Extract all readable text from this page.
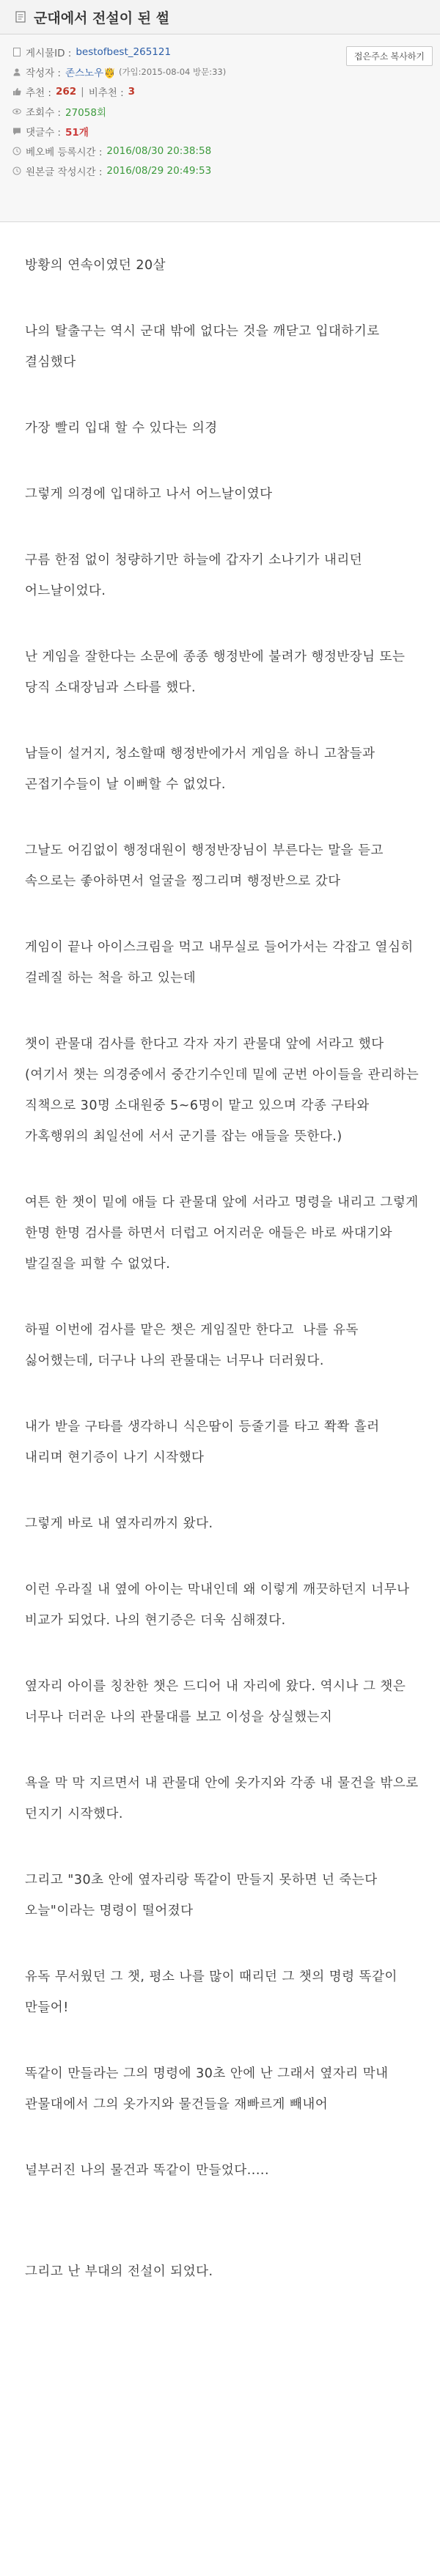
군대에서 전설이 된 썰
접은주소 복사하기
게시물ID :	bestofbest_265121
작성자 :	존스노우🤴 (가입:2015-08-04 방문:33)
추천 :	262 | 비추천 :	3
조회수 :	27058회
댓글수 :	51개
베오베 등록시간 :	2016/08/30 20:38:58
원본글 작성시간 :	2016/08/29 20:49:53

방황의 연속이였던 20살

나의 탈출구는 역시 군대 밖에 없다는 것을 깨닫고 입대하기로 결심했다

가장 빨리 입대 할 수 있다는 의경

그렇게 의경에 입대하고 나서 어느날이였다

구름 한점 없이 청량하기만 하늘에 갑자기 소나기가 내리던 어느날이었다.

난 게임을 잘한다는 소문에 종종 행정반에 불려가 행정반장님 또는 당직 소대장님과 스타를 했다.

남들이 설거지, 청소할때 행정반에가서 게임을 하니 고참들과 곤접기수들이 날 이뻐할 수 없었다.

그날도 어김없이 행정대원이 행정반장님이 부른다는 말을 듣고 속으로는 좋아하면서 얼굴을 찡그리며 행정반으로 갔다

게임이 끝나 아이스크림을 먹고 내무실로 들어가서는 각잡고 열심히 걸레질 하는 척을 하고 있는데

챗이 관물대 검사를 한다고 각자 자기 관물대 앞에 서라고 했다 (여기서 챗는 의경중에서 중간기수인데 밑에 군번 아이들을 관리하는 직책으로 30명 소대원중 5~6명이 맡고 있으며 각종 구타와 가혹행위의 최일선에 서서 군기를 잡는 애들을 뜻한다.)

여튼 한 챗이 밑에 애들 다 관물대 앞에 서라고 명령을 내리고 그렇게 한명 한명 검사를 하면서 더럽고 어지러운 애들은 바로 싸대기와 발길질을 피할 수 없었다.

하필 이번에 검사를 맡은 챗은 게임질만 한다고  나를 유독 싫어했는데, 더구나 나의 관물대는 너무나 더러웠다.

내가 받을 구타를 생각하니 식은땀이 등줄기를 타고 쫙쫙 흘러 내리며 현기증이 나기 시작했다

그렇게 바로 내 옆자리까지 왔다.

이런 우라질 내 옆에 아이는 막내인데 왜 이렇게 깨끗하던지 너무나 비교가 되었다. 나의 현기증은 더욱 심해졌다.

옆자리 아이를 칭찬한 챗은 드디어 내 자리에 왔다. 역시나 그 챗은 너무나 더러운 나의 관물대를 보고 이성을 상실했는지

욕을 막 막 지르면서 내 관물대 안에 옷가지와 각종 내 물건을 밖으로 던지기 시작했다.

그리고 "30초 안에 옆자리랑 똑같이 만들지 못하면 넌 죽는다 오늘"이라는 명령이 떨어졌다

유독 무서웠던 그 챗, 평소 나를 많이 때리던 그 챗의 명령 똑같이 만들어!

똑같이 만들라는 그의 명령에 30초 안에 난 그래서 옆자리 막내 관물대에서 그의 옷가지와 물건들을 재빠르게 빼내어

널부러진 나의 물건과 똑같이 만들었다.....

그리고 난 부대의 전설이 되었다.
